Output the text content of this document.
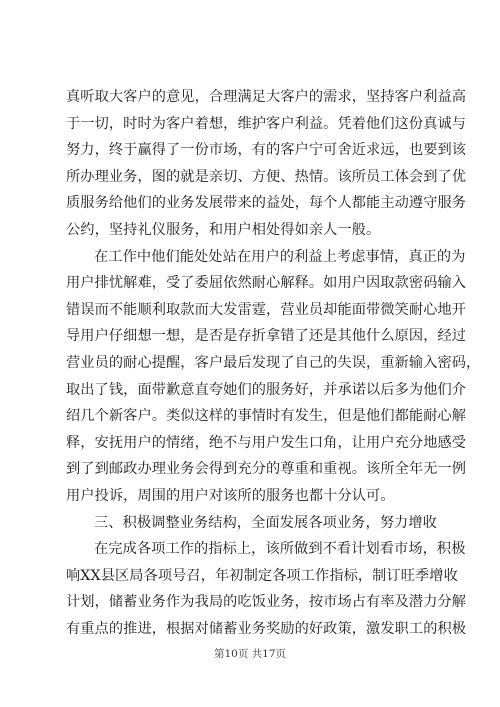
真听取大客户的意见，合理满足大客户的需求，坚持客户利益高
于一切，时时为客户着想，维护客户利益。凭着他们这份真诚与
努力，终于赢得了一份市场，有的客户宁可舍近求远，也要到该
所办理业务，图的就是亲切、方便、热情。该所员工体会到了优
质服务给他们的业务发展带来的益处，每个人都能主动遵守服务
公约，坚持礼仪服务，和用户相处得如亲人一般。
在工作中他们能处处站在用户的利益上考虑事情，真正的为
用户排忧解难，受了委屈依然耐心解释。如用户因取款密码输入
错误而不能顺利取款而大发雷霆，营业员却能面带微笑耐心地开
导用户仔细想一想，是否是存折拿错了还是其他什么原因，经过
营业员的耐心提醒，客户最后发现了自己的失误，重新输入密码，
取出了钱，面带歉意直夸她们的服务好，并承诺以后多为他们介
绍几个新客户。类似这样的事情时有发生，但是他们都能耐心解
释，安抚用户的情绪，绝不与用户发生口角，让用户充分地感受
到了到邮政办理业务会得到充分的尊重和重视。该所全年无一例
用户投诉，周围的用户对该所的服务也都十分认可。
三、积极调整业务结构，全面发展各项业务，努力增收
在完成各项工作的指标上，该所做到不看计划看市场，积极
响XX县区局各项号召，年初制定各项工作指标，制订旺季增收
计划，储蓄业务作为我局的吃饭业务，按市场占有率及潜力分解
有重点的推进，根据对储蓄业务奖励的好政策，激发职工的积极
第10页 共17页
